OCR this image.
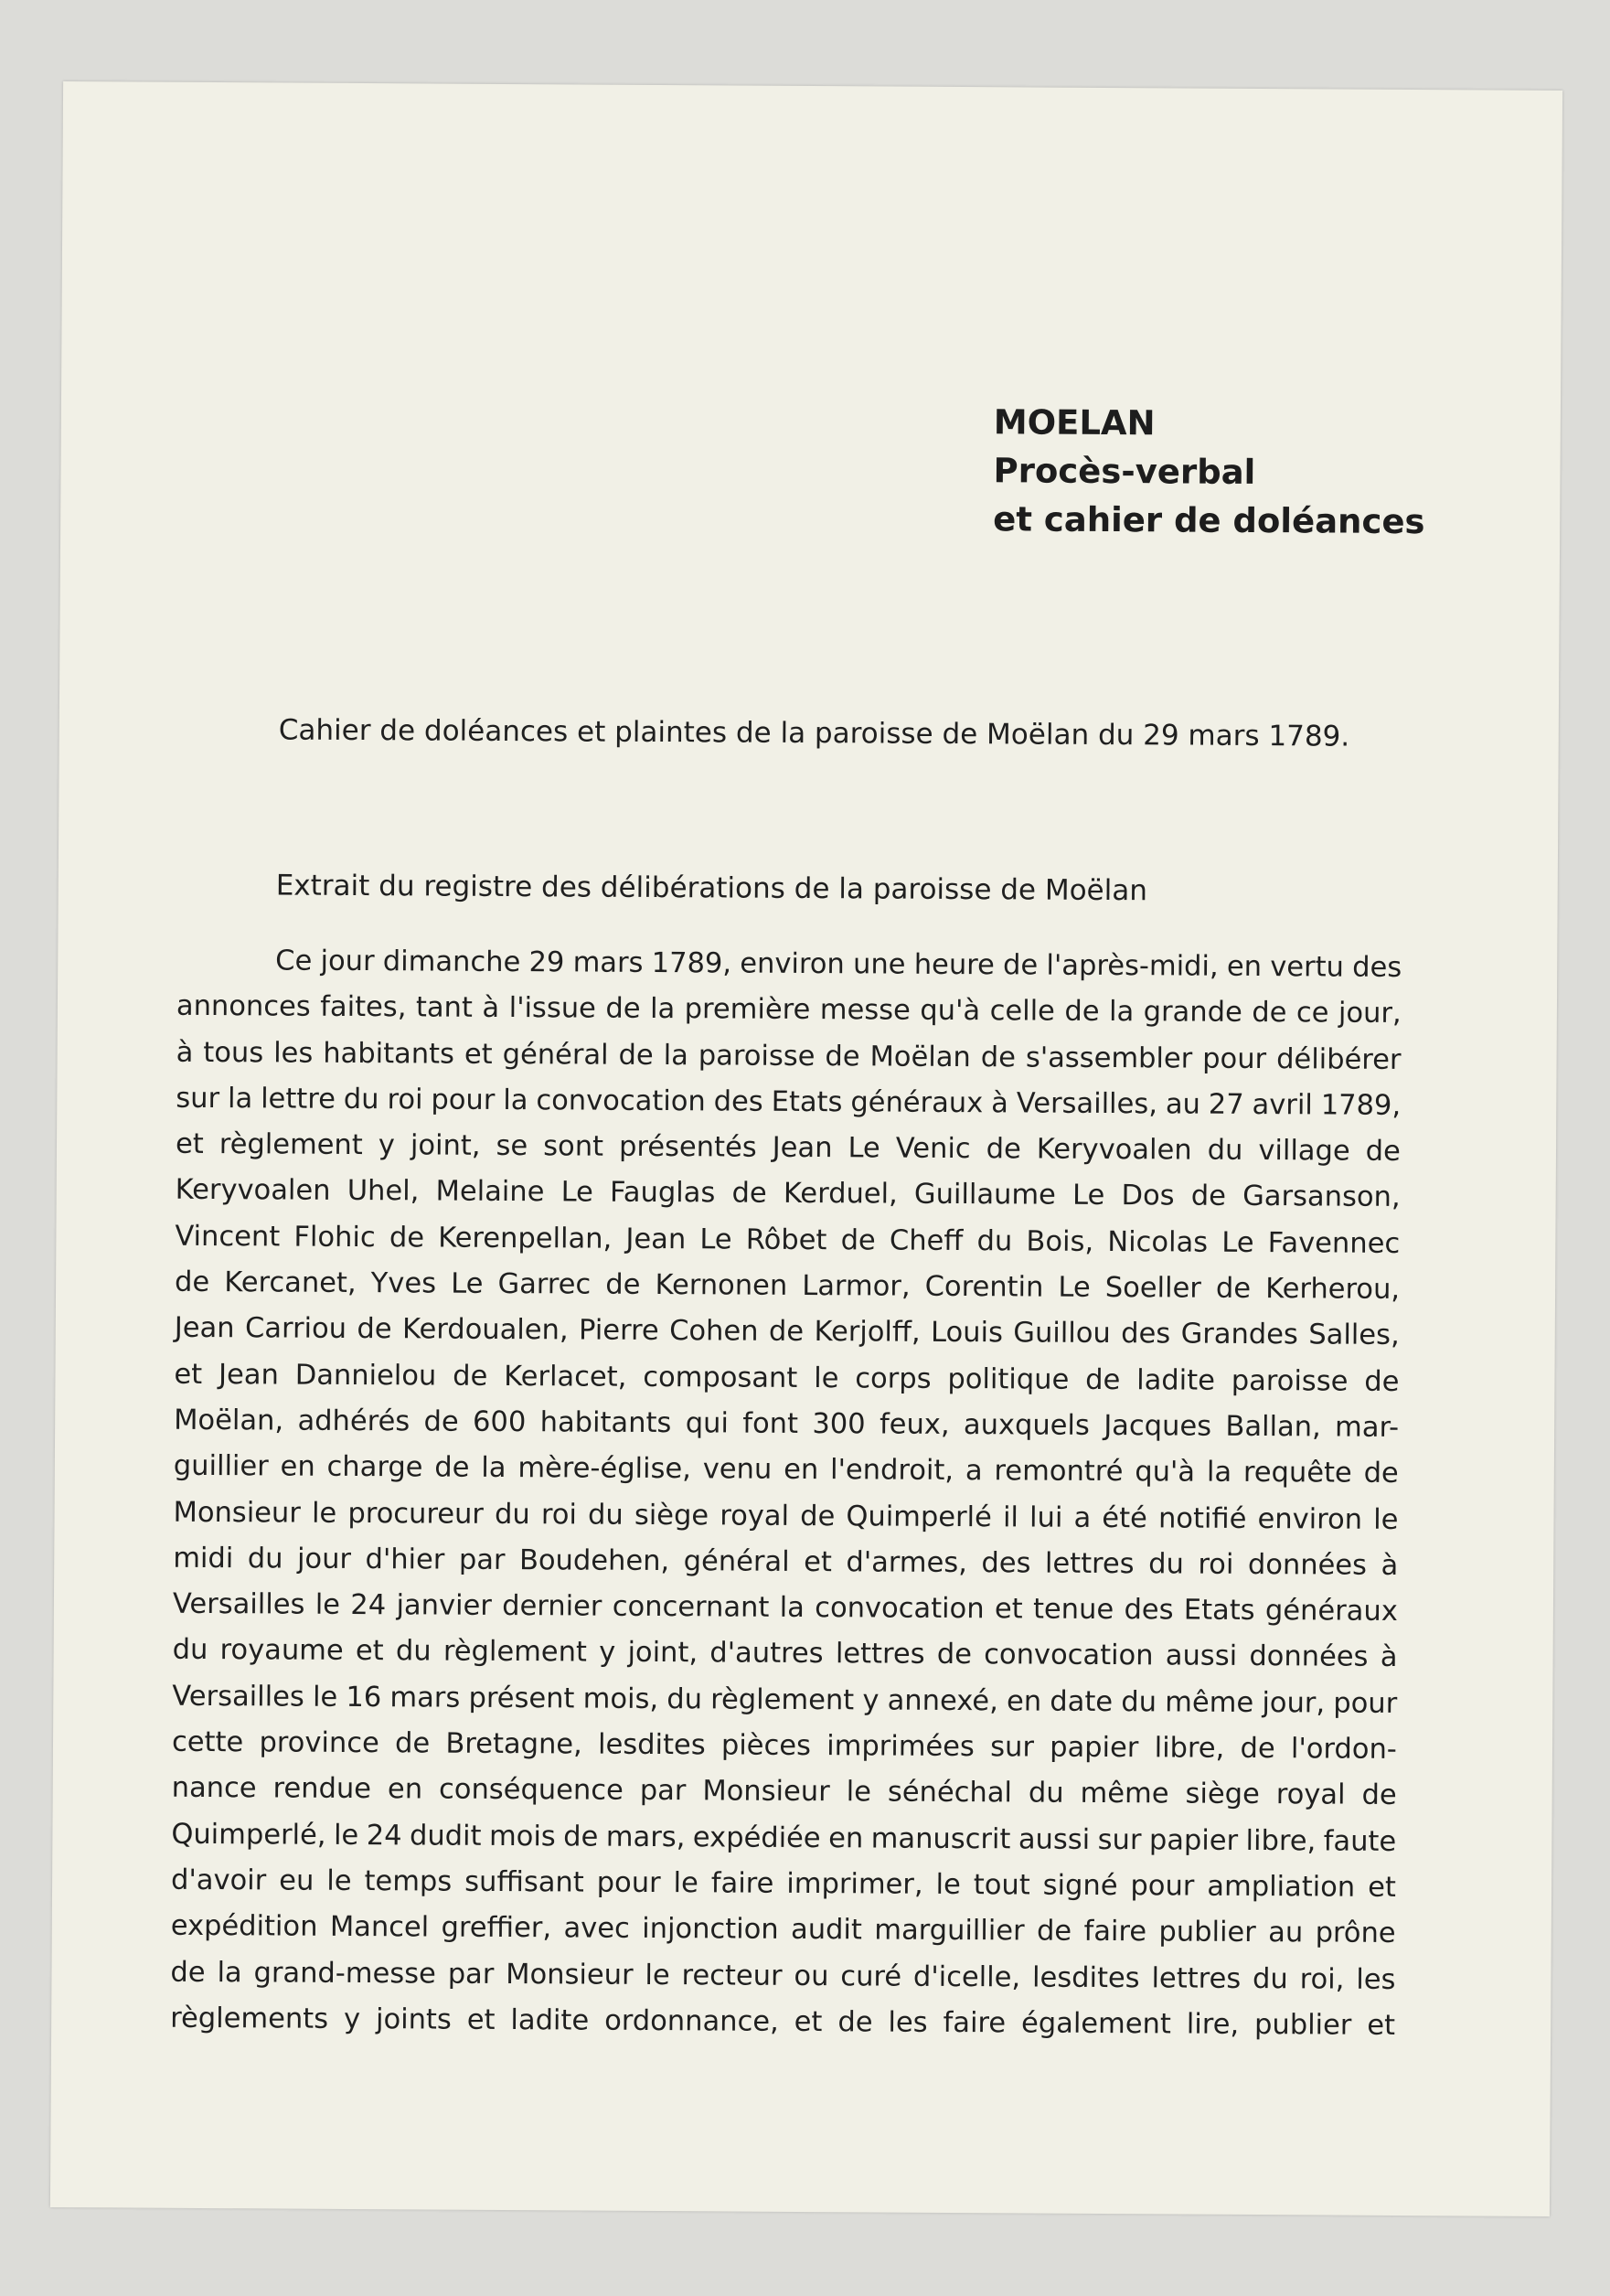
MOELAN
Procès-verbal
et cahier de doléances
Cahier de doléances et plaintes de la paroisse de Moëlan du 29 mars 1789.
Extrait du registre des délibérations de la paroisse de Moëlan
Ce jour dimanche 29 mars 1789, environ une heure de l'après-midi, en vertu des
annonces faites, tant à l'issue de la première messe qu'à celle de la grande de ce jour,
à tous les habitants et général de la paroisse de Moëlan de s'assembler pour délibérer
sur la lettre du roi pour la convocation des Etats généraux à Versailles, au 27 avril 1789,
et règlement y joint, se sont présentés Jean Le Venic de Keryvoalen du village de
Keryvoalen Uhel, Melaine Le Fauglas de Kerduel, Guillaume Le Dos de Garsanson,
Vincent Flohic de Kerenpellan, Jean Le Rôbet de Cheff du Bois, Nicolas Le Favennec
de Kercanet, Yves Le Garrec de Kernonen Larmor, Corentin Le Soeller de Kerherou,
Jean Carriou de Kerdoualen, Pierre Cohen de Kerjolff, Louis Guillou des Grandes Salles,
et Jean Dannielou de Kerlacet, composant le corps politique de ladite paroisse de
Moëlan, adhérés de 600 habitants qui font 300 feux, auxquels Jacques Ballan, mar-
guillier en charge de la mère-église, venu en l'endroit, a remontré qu'à la requête de
Monsieur le procureur du roi du siège royal de Quimperlé il lui a été notifié environ le
midi du jour d'hier par Boudehen, général et d'armes, des lettres du roi données à
Versailles le 24 janvier dernier concernant la convocation et tenue des Etats généraux
du royaume et du règlement y joint, d'autres lettres de convocation aussi données à
Versailles le 16 mars présent mois, du règlement y annexé, en date du même jour, pour
cette province de Bretagne, lesdites pièces imprimées sur papier libre, de l'ordon-
nance rendue en conséquence par Monsieur le sénéchal du même siège royal de
Quimperlé, le 24 dudit mois de mars, expédiée en manuscrit aussi sur papier libre, faute
d'avoir eu le temps suffisant pour le faire imprimer, le tout signé pour ampliation et
expédition Mancel greffier, avec injonction audit marguillier de faire publier au prône
de la grand-messe par Monsieur le recteur ou curé d'icelle, lesdites lettres du roi, les
règlements y joints et ladite ordonnance, et de les faire également lire, publier et
